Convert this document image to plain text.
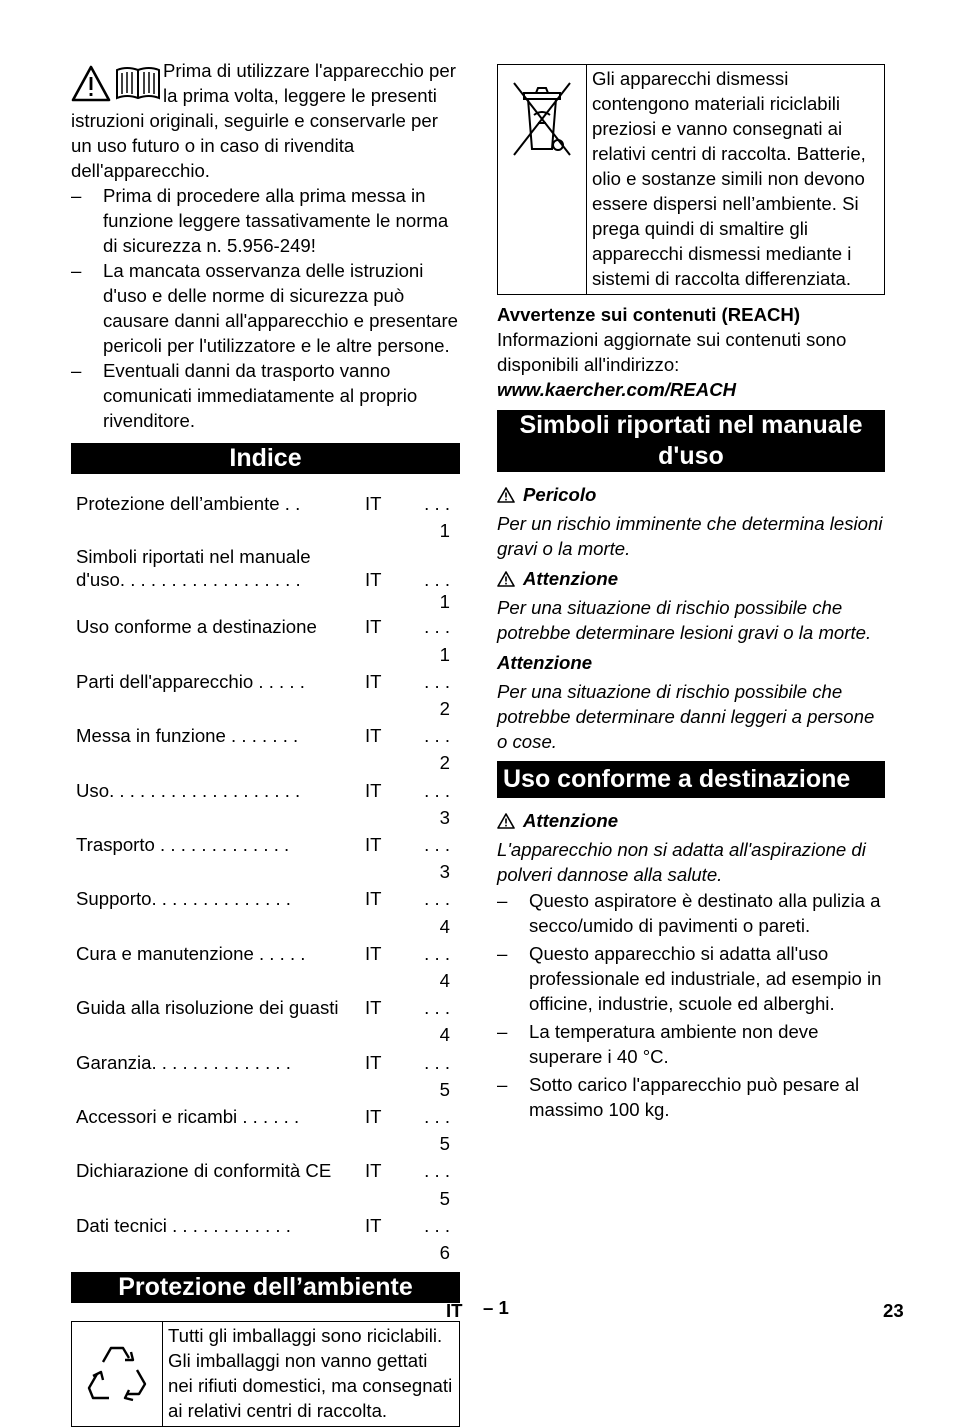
Prima di utilizzare l'apparecchio per la prima volta, leggere le presenti istruzioni originali, seguirle e conservarle per un uso futuro o in caso di rivendita dell'apparecchio.

–	Prima di procedere alla prima messa in funzione leggere tassativamente le norma di sicurezza n. 5.956-249!
–	La mancata osservanza delle istruzioni d'uso e delle norme di sicurezza può causare danni all'apparecchio e presentare pericoli per l'utilizzatore e le altre persone.
–	Eventuali danni da trasporto vanno comunicati immediatamente al proprio rivenditore.
Indice
Protezione dell’ambiente . .	IT	. . . 1
Simboli riportati nel manuale
d'uso. . . . . . . . . . . . . . . . . .	IT	. . . 1
Uso conforme a destinazione	IT	. . . 1
Parti dell'apparecchio . . . . .	IT	. . . 2
Messa in funzione . . . . . . .	IT	. . . 2
Uso. . . . . . . . . . . . . . . . . . .	IT	. . . 3
Trasporto . . . . . . . . . . . . .	IT	. . . 3
Supporto. . . . . . . . . . . . . .	IT	. . . 4
Cura e manutenzione . . . . .	IT	. . . 4
Guida alla risoluzione dei guasti	IT	. . . 4
Garanzia. . . . . . . . . . . . . .	IT	. . . 5
Accessori e ricambi . . . . . .	IT	. . . 5
Dichiarazione di conformità CE	IT	. . . 5
Dati tecnici . . . . . . . . . . . .	IT	. . . 6
Protezione dell’ambiente
Tutti gli imballaggi sono riciclabili. Gli imballaggi non vanno gettati nei rifiuti domestici, ma consegnati ai relativi centri di raccolta.
Gli apparecchi dismessi contengono materiali riciclabili preziosi e vanno consegnati ai relativi centri di raccolta. Batterie, olio e sostanze simili non devono essere dispersi nell’ambiente. Si prega quindi di smaltire gli apparecchi dismessi mediante i sistemi di raccolta differenziata.

Avvertenze sui contenuti (REACH)

Informazioni aggiornate sui contenuti sono disponibili all'indirizzo:

www.kaercher.com/REACH

Simboli riportati nel manuale d'uso

Pericolo

Per un rischio imminente che determina lesioni gravi o la morte.

Attenzione

Per una situazione di rischio possibile che potrebbe determinare lesioni gravi o la morte.

Attenzione

Per una situazione di rischio possibile che potrebbe determinare danni leggeri a persone o cose.

Uso conforme a destinazione

Attenzione

L'apparecchio non si adatta all'aspirazione di polveri dannose alla salute.

–	Questo aspiratore è destinato alla pulizia a secco/umido di pavimenti o pareti.
–	Questo apparecchio si adatta all'uso professionale ed industriale, ad esempio in officine, industrie, scuole ed alberghi.
–	La temperatura ambiente non deve superare i 40 °C.
–	Sotto carico l'apparecchio può pesare al massimo 100 kg.
IT – 1	23
